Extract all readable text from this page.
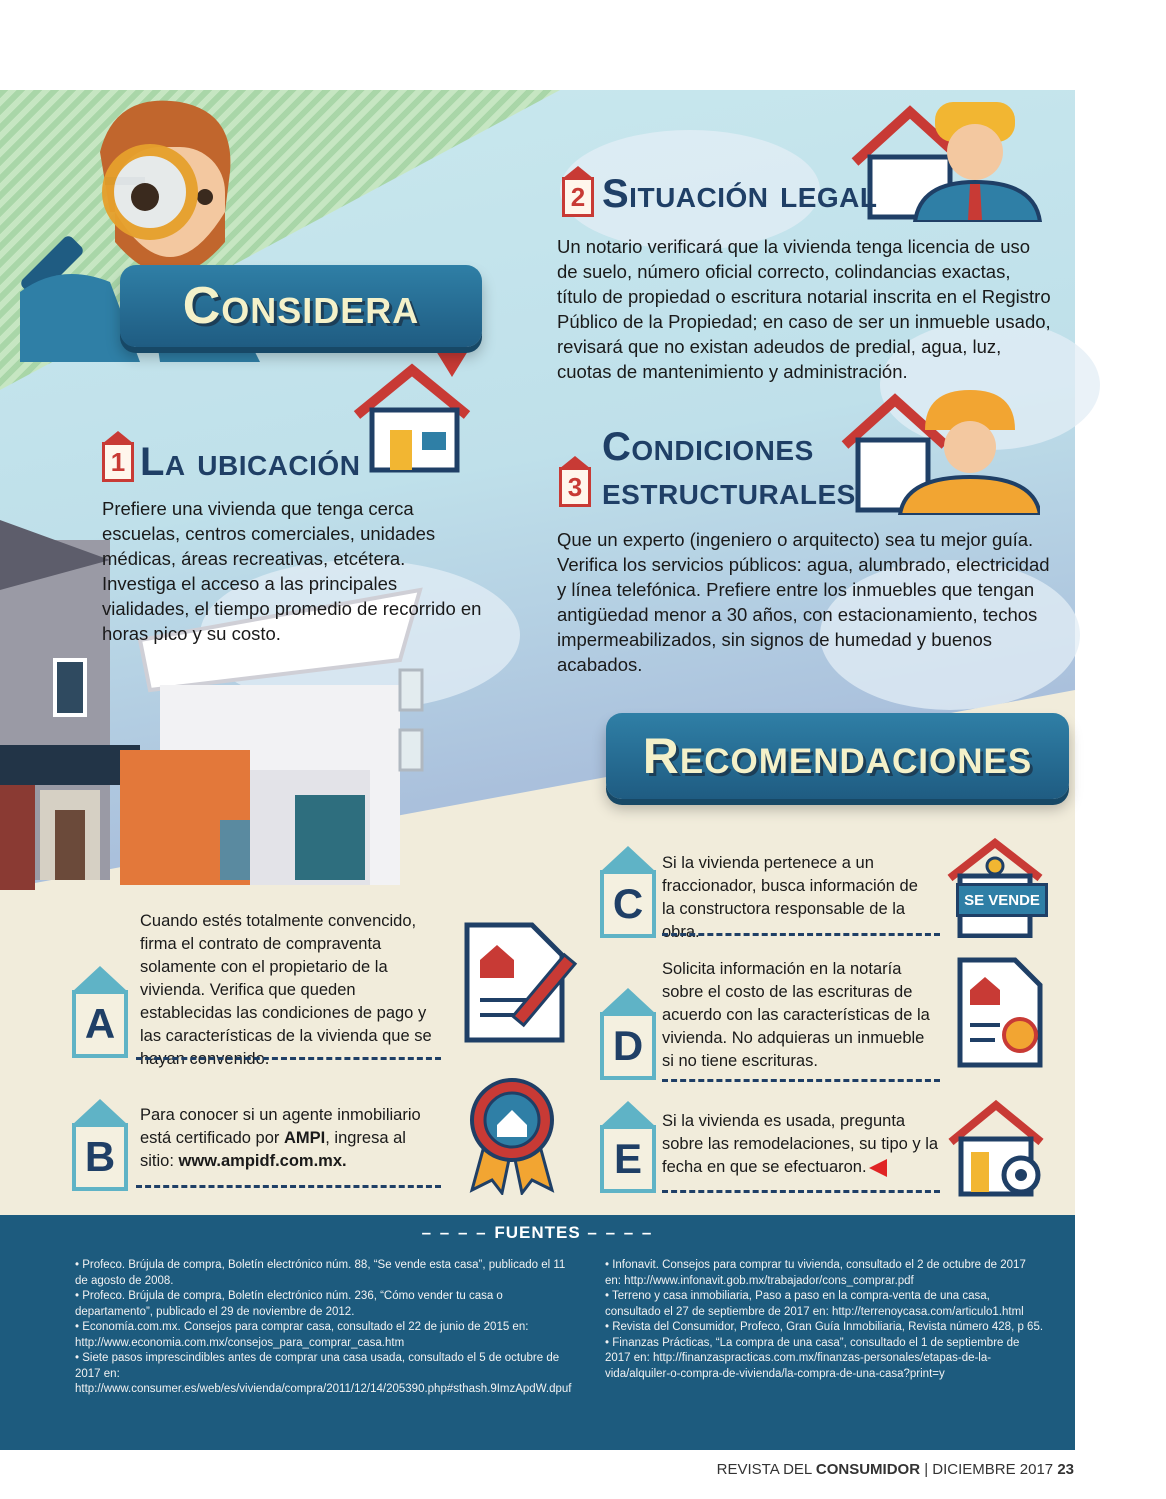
Considera
Recomendaciones
1 La ubicación
Prefiere una vivienda que tenga cerca escuelas, centros comerciales, unidades médicas, áreas recreativas, etcétera. Investiga el acceso a las principales vialidades, el tiempo promedio de recorrido en horas pico y su costo.
2 Situación legal
Un notario verificará que la vivienda tenga licencia de uso de suelo, número oficial correcto, colindancias exactas, título de propiedad o escritura notarial inscrita en el Registro Público de la Propiedad; en caso de ser un inmueble usado, revisará que no existan adeudos de predial, agua, luz, cuotas de mantenimiento y administración.
3
Condiciones
estructurales
Que un experto (ingeniero o arquitecto) sea tu mejor guía. Verifica los servicios públicos: agua, alumbrado, electricidad y línea telefónica. Prefiere entre los inmuebles que tengan antigüedad menor a 30 años, con estacionamiento, techos impermeabilizados, sin signos de humedad y buenos acabados.
A
Cuando estés totalmente convencido, firma el contrato de compraventa solamente con el propietario de la vivienda. Verifica que queden establecidas las condiciones de pago y las características de la vivienda que se hayan convenido.
B
Para conocer si un agente inmobiliario está certificado por AMPI, ingresa al sitio: www.ampidf.com.mx.
C
Si la vivienda pertenece a un fraccionador, busca información de la constructora responsable de la obra.
SE VENDE
D
Solicita información en la notaría sobre el costo de las escrituras de acuerdo con las características de la vivienda. No adquieras un inmueble si no tiene escrituras.
E
Si la vivienda es usada, pregunta sobre las remodelaciones, su tipo y la fecha en que se efectuaron.
– – – – FUENTES – – – –
• Profeco. Brújula de compra, Boletín electrónico núm. 88, “Se vende esta casa”, publicado el 11 de agosto de 2008.
• Profeco. Brújula de compra, Boletín electrónico núm. 236, “Cómo vender tu casa o departamento”, publicado el 29 de noviembre de 2012.
• Economía.com.mx. Consejos para comprar casa, consultado el 22 de junio de 2015 en: http://www.economia.com.mx/consejos_para_comprar_casa.htm
• Siete pasos imprescindibles antes de comprar una casa usada, consultado el 5 de octubre de 2017 en: http://www.consumer.es/web/es/vivienda/compra/2011/12/14/205390.php#sthash.9ImzApdW.dpuf
• Infonavit. Consejos para comprar tu vivienda, consultado el 2 de octubre de 2017 en: http://www.infonavit.gob.mx/trabajador/cons_comprar.pdf
• Terreno y casa inmobiliaria, Paso a paso en la compra-venta de una casa, consultado el 27 de septiembre de 2017 en: http://terrenoycasa.com/articulo1.html
• Revista del Consumidor, Profeco, Gran Guía Inmobiliaria, Revista número 428, p 65.
• Finanzas Prácticas, “La compra de una casa”, consultado el 1 de septiembre de 2017 en: http://finanzaspracticas.com.mx/finanzas-personales/etapas-de-la-vida/alquiler-o-compra-de-vivienda/la-compra-de-una-casa?print=y
REVISTA DEL CONSUMIDOR | DICIEMBRE 2017 23
